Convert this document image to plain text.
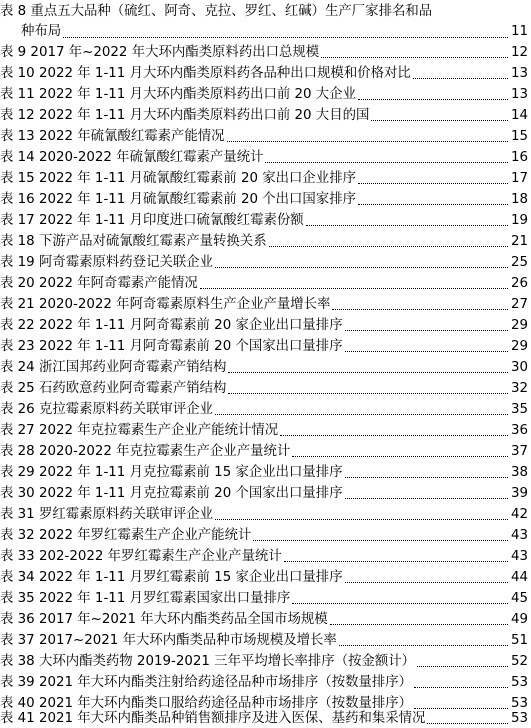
表 8 重点五大品种（硫红、阿奇、克拉、罗红、红碱）生产厂家排名和品
种布局	11
表 9 2017 年~2022 年大环内酯类原料药出口总规模	12
表 10 2022 年 1-11 月大环内酯类原料药各品种出口规模和价格对比	13
表 11 2022 年 1-11 月大环内酯类原料药出口前 20 大企业	13
表 12 2022 年 1-11 月大环内酯类原料药出口前 20 大目的国	14
表 13 2022 年硫氰酸红霉素产能情况	15
表 14 2020-2022 年硫氰酸红霉素产量统计	16
表 15 2022 年 1-11 月硫氰酸红霉素前 20 家出口企业排序	17
表 16 2022 年 1-11 月硫氰酸红霉素前 20 个出口国家排序	18
表 17 2022 年 1-11 月印度进口硫氰酸红霉素份额	19
表 18 下游产品对硫氰酸红霉素产量转换关系	21
表 19 阿奇霉素原料药登记关联企业	25
表 20 2022 年阿奇霉素产能情况	26
表 21 2020-2022 年阿奇霉素原料生产企业产量增长率	27
表 22 2022 年 1-11 月阿奇霉素前 20 家企业出口量排序	29
表 23 2022 年 1-11 月阿奇霉素前 20 个国家出口量排序	29
表 24 浙江国邦药业阿奇霉素产销结构	30
表 25 石药欧意药业阿奇霉素产销结构	32
表 26 克拉霉素原料药关联审评企业	35
表 27 2022 年克拉霉素生产企业产能统计情况	36
表 28 2020-2022 年克拉霉素生产企业产量统计	37
表 29 2022 年 1-11 月克拉霉素前 15 家企业出口量排序	38
表 30 2022 年 1-11 月克拉霉素前 20 个国家出口量排序	39
表 31 罗红霉素原料药关联审评企业	42
表 32 2022 年罗红霉素生产企业产能统计	43
表 33 202-2022 年罗红霉素生产企业产量统计	43
表 34 2022 年 1-11 月罗红霉素前 15 家企业出口量排序	44
表 35 2022 年 1-11 月罗红霉素国家出口量排序	45
表 36 2017 年~2021 年大环内酯类药品全国市场规模	49
表 37 2017~2021 年大环内酯类品种市场规模及增长率	51
表 38 大环内酯类药物 2019-2021 三年平均增长率排序（按金额计）	52
表 39 2021 年大环内酯类注射给药途径品种市场排序（按数量排序）	53
表 40 2021 年大环内酯类口服给药途径品种市场排序（按数量排序）	53
表 41 2021 年大环内酯类品种销售额排序及进入医保、基药和集采情况	53
